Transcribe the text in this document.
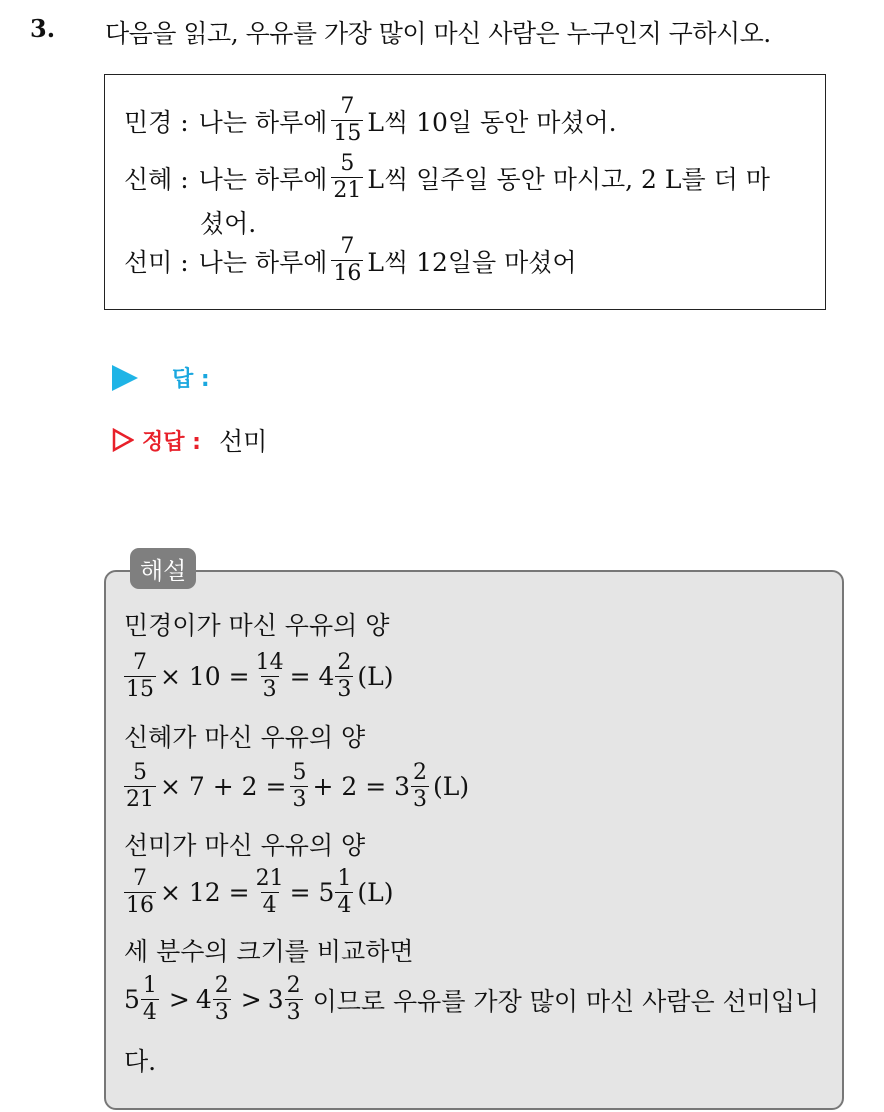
3. 다음을 읽고, 우유를 가장 많이 마신 사람은 누구인지 구하시오.
민경 : 나는 하루에 $\frac{7}{15}$ L씩 10일 동안 마셨어.
신혜 : 나는 하루에 $\frac{5}{21}$ L씩 일주일 동안 마시고, 2 L를 더 마
셨어.
선미 : 나는 하루에 $\frac{7}{16}$ L씩 12일을 마셨어
답 :
정답 : 선미
해설
민경이가 마신 우유의 양
$\frac{7}{15} \times 10 = \frac{14}{3} = 4 \frac{2}{3} (L)$
신혜가 마신 우유의 양
$\frac{5}{21} \times 7 + 2 = \frac{5}{3} + 2 = 3 \frac{2}{3} (L)$
선미가 마신 우유의 양
$\frac{7}{16} \times 12 = \frac{21}{4} = 5 \frac{1}{4} (L)$
세 분수의 크기를 비교하면
$5 \frac{1}{4} > 4 \frac{2}{3} > 3 \frac{2}{3}$ 이므로 우유를 가장 많이 마신 사람은 선미입니
다.
